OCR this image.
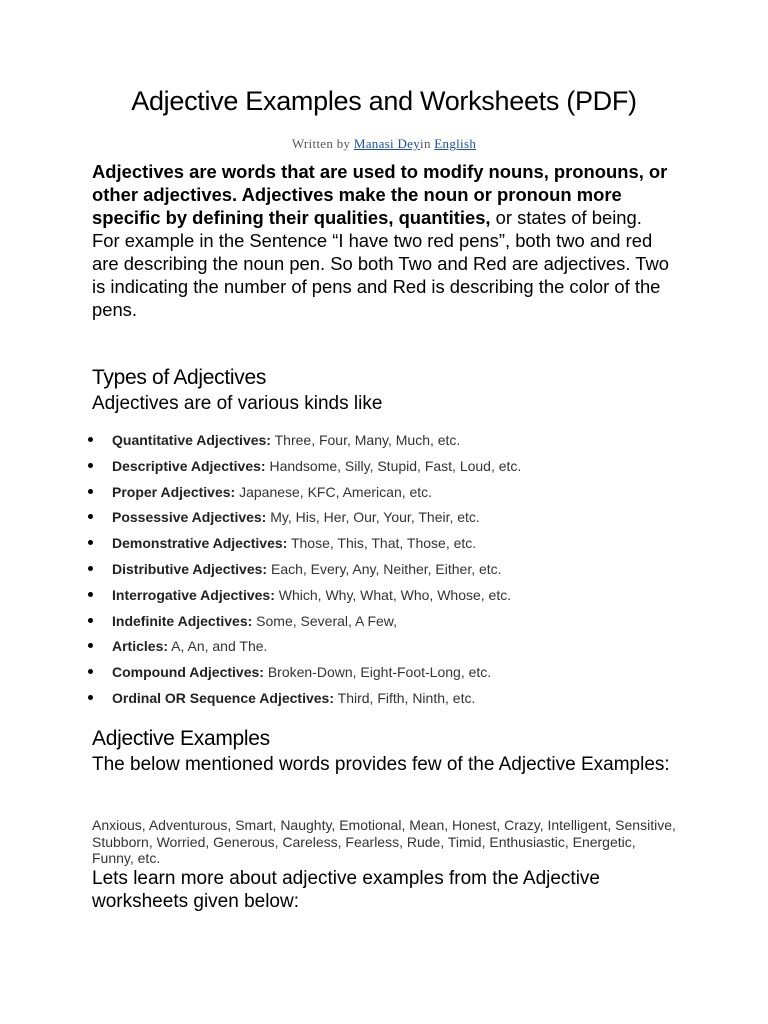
Adjective Examples and Worksheets (PDF)
Written by Manasi Deyin English

Adjectives are words that are used to modify nouns, pronouns, or other adjectives. Adjectives make the noun or pronoun more specific by defining their qualities, quantities, or states of being.
For example in the Sentence “I have two red pens”, both two and red are describing the noun pen. So both Two and Red are adjectives. Two is indicating the number of pens and Red is describing the color of the pens.

Types of Adjectives

Adjectives are of various kinds like

Quantitative Adjectives: Three, Four, Many, Much, etc.
Descriptive Adjectives: Handsome, Silly, Stupid, Fast, Loud, etc.
Proper Adjectives: Japanese, KFC, American, etc.
Possessive Adjectives: My, His, Her, Our, Your, Their, etc.
Demonstrative Adjectives: Those, This, That, Those, etc.
Distributive Adjectives: Each, Every, Any, Neither, Either, etc.
Interrogative Adjectives: Which, Why, What, Who, Whose, etc.
Indefinite Adjectives: Some, Several, A Few,
Articles: A, An, and The.
Compound Adjectives: Broken-Down, Eight-Foot-Long, etc.
Ordinal OR Sequence Adjectives: Third, Fifth, Ninth, etc.
Adjective Examples

The below mentioned words provides few of the Adjective Examples:

Anxious, Adventurous, Smart, Naughty, Emotional, Mean, Honest, Crazy, Intelligent, Sensitive, Stubborn, Worried, Generous, Careless, Fearless, Rude, Timid, Enthusiastic, Energetic, Funny, etc.

Lets learn more about adjective examples from the Adjective worksheets given below:
